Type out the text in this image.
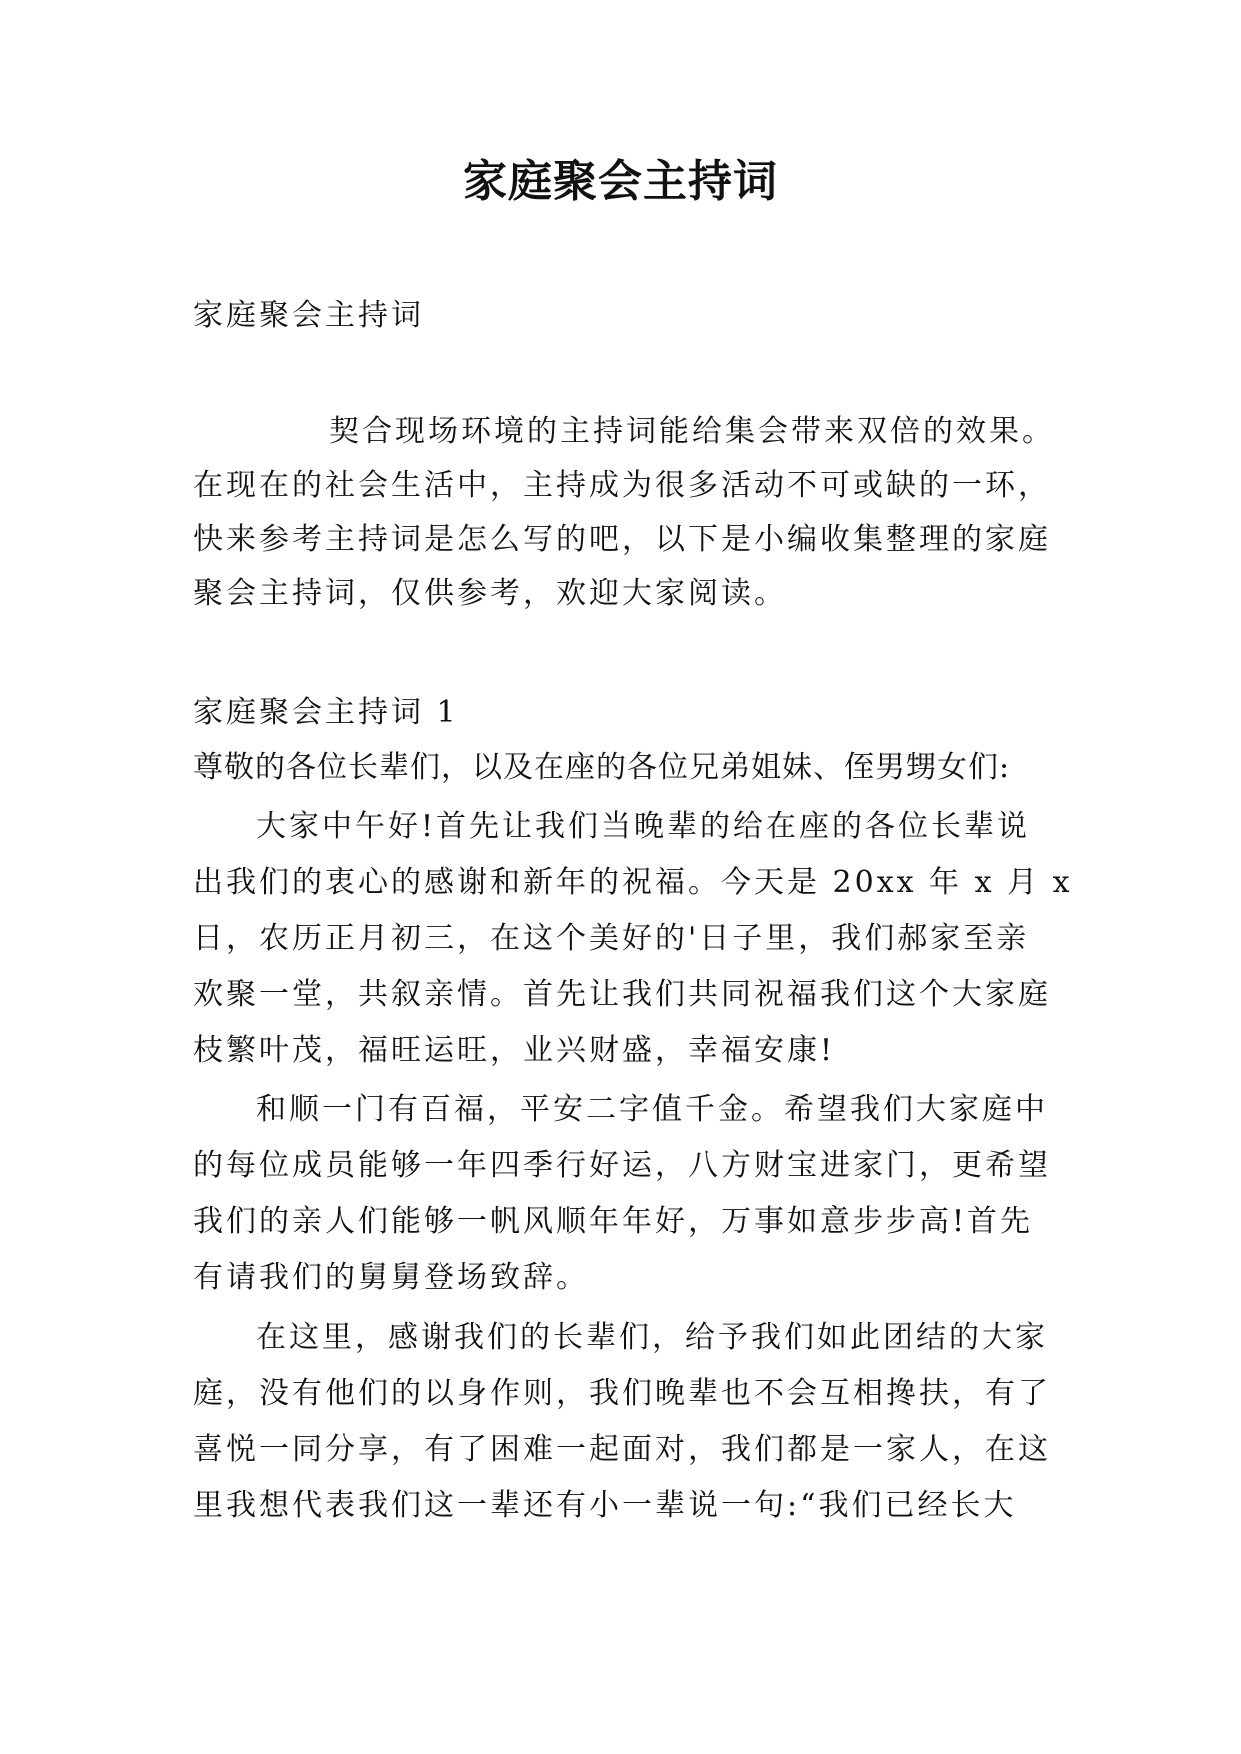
家庭聚会主持词
家庭聚会主持词
契合现场环境的主持词能给集会带来双倍的效果。
在现在的社会生活中，主持成为很多活动不可或缺的一环，
快来参考主持词是怎么写的吧，以下是小编收集整理的家庭
聚会主持词，仅供参考，欢迎大家阅读。
家庭聚会主持词 1
尊敬的各位长辈们，以及在座的各位兄弟姐妹、侄男甥女们:
大家中午好!首先让我们当晚辈的给在座的各位长辈说
出我们的衷心的感谢和新年的祝福。今天是 20xx 年 x 月 x
日，农历正月初三，在这个美好的'日子里，我们郝家至亲
欢聚一堂，共叙亲情。首先让我们共同祝福我们这个大家庭
枝繁叶茂，福旺运旺，业兴财盛，幸福安康!
和顺一门有百福，平安二字值千金。希望我们大家庭中
的每位成员能够一年四季行好运，八方财宝进家门，更希望
我们的亲人们能够一帆风顺年年好，万事如意步步高!首先
有请我们的舅舅登场致辞。
在这里，感谢我们的长辈们，给予我们如此团结的大家
庭，没有他们的以身作则，我们晚辈也不会互相搀扶，有了
喜悦一同分享，有了困难一起面对，我们都是一家人，在这
里我想代表我们这一辈还有小一辈说一句:“我们已经长大
